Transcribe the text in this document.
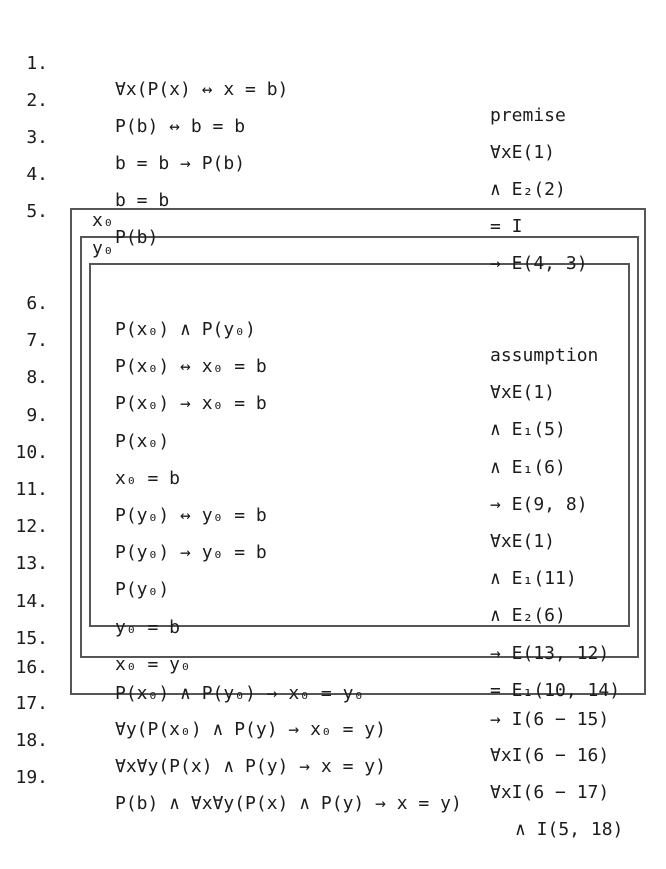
x₀
y₀

1.

∀x(P(x) ↔ x = b)

premise

2.

P(b) ↔ b = b

∀xE(1)

3.

b = b → P(b)

∧ E₂(2)

4.

b = b

= I

5.

P(b)

→ E(4, 3)

6.

P(x₀) ∧ P(y₀)

assumption

7.

P(x₀) ↔ x₀ = b

∀xE(1)

8.

P(x₀) → x₀ = b

∧ E₁(5)

9.

P(x₀)

∧ E₁(6)

10.

x₀ = b

→ E(9, 8)

11.

P(y₀) ↔ y₀ = b

∀xE(1)

12.

P(y₀) → y₀ = b

∧ E₁(11)

13.

P(y₀)

∧ E₂(6)

14.

y₀ = b

→ E(13, 12)

15.

x₀ = y₀

= E₁(10, 14)

16.

P(x₀) ∧ P(y₀) → x₀ = y₀

→ I(6 − 15)

17.

∀y(P(x₀) ∧ P(y) → x₀ = y)

∀xI(6 − 16)

18.

∀x∀y(P(x) ∧ P(y) → x = y)

∀xI(6 − 17)

19.

P(b) ∧ ∀x∀y(P(x) ∧ P(y) → x = y)

∧ I(5, 18)
